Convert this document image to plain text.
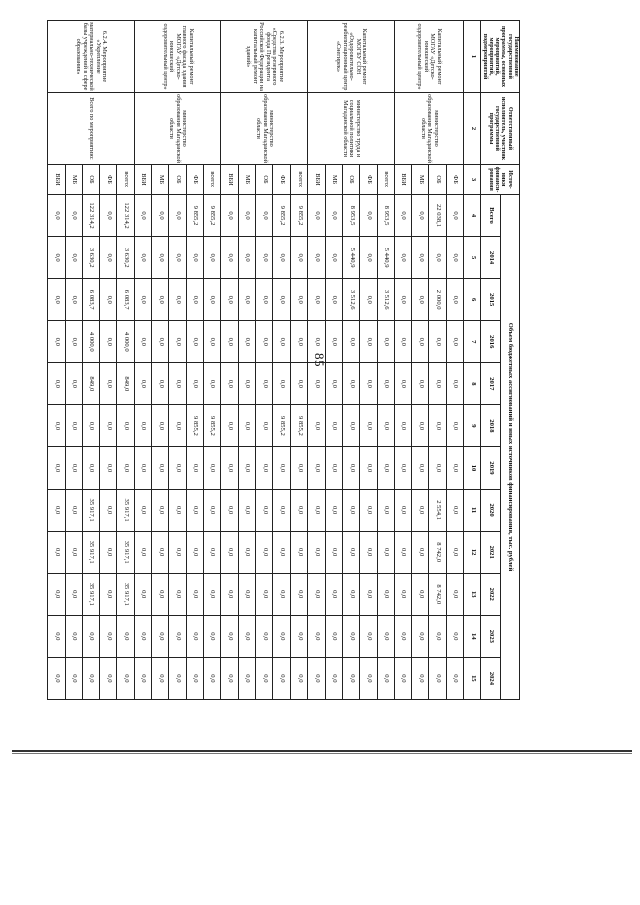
85
Наименование государственной программы, основных мероприятий, мероприятий, подмероприятий	Ответственный исполнитель, участник государственной программы	Источ-ники финанси-рования	Объем бюджетных ассигнований и иных источников финансирования, тыс. рублей											
			Всего	2014	2015	2016	2017	2018	2019	2020	2021	2022	2023	2024
1	2	3	4	5	6	7	8	9	10	11	12	13	14	15
Капитальный ремонт МОГАУ «Детско-юношеский оздоровительный центр»	министерство образования Магаданской области	ФБ	0,0	0,0	0,0	0,0	0,0	0,0	0,0	0,0	0,0	0,0	0,0	0,0
		ОБ	22 038,1	0,0	2 000,0	0,0	0,0	0,0	0,0	2 554,1	8 742,0	8 742,0	0,0	0,0
		МБ	0,0	0,0	0,0	0,0	0,0	0,0	0,0	0,0	0,0	0,0	0,0	0,0
		ВБИ	0,0	0,0	0,0	0,0	0,0	0,0	0,0	0,0	0,0	0,0	0,0	0,0
Капитальный ремонт МОГБУ СОН «Оздоровительно-реабилитационный центр «Снегирек»	министерство труда и социальной политики Магаданской области	всего:	8 953,5	5 440,9	3 512,6	0,0	0,0	0,0	0,0	0,0	0,0	0,0	0,0	0,0
		ФБ	0,0	0,0	0,0	0,0	0,0	0,0	0,0	0,0	0,0	0,0	0,0	0,0
		ОБ	8 953,5	5 440,9	3 512,6	0,0	0,0	0,0	0,0	0,0	0,0	0,0	0,0	0,0
		МБ	0,0	0,0	0,0	0,0	0,0	0,0	0,0	0,0	0,0	0,0	0,0	0,0
		ВБИ	0,0	0,0	0,0	0,0	0,0	0,0	0,0	0,0	0,0	0,0	0,0	0,0
6.2.3. Мероприятие «Средства резервного фонда Президента Российской Федерации на капитальный ремонт зданий»	министерство образования Магаданской области	всего:	9 855,2	0,0	0,0	0,0	0,0	9 855,2	0,0	0,0	0,0	0,0	0,0	0,0
		ФБ	9 855,2	0,0	0,0	0,0	0,0	9 855,2	0,0	0,0	0,0	0,0	0,0	0,0
		ОБ	0,0	0,0	0,0	0,0	0,0	0,0	0,0	0,0	0,0	0,0	0,0	0,0
		МБ	0,0	0,0	0,0	0,0	0,0	0,0	0,0	0,0	0,0	0,0	0,0	0,0
		ВБИ	0,0	0,0	0,0	0,0	0,0	0,0	0,0	0,0	0,0	0,0	0,0	0,0
Капитальный ремонт главного фасада здания МОГАУ «Детско-юношеский оздоровительный центр»	министерство образования Магаданской области	всего:	9 855,2	0,0	0,0	0,0	0,0	9 855,2	0,0	0,0	0,0	0,0	0,0	0,0
		ФБ	9 855,2	0,0	0,0	0,0	0,0	9 855,2	0,0	0,0	0,0	0,0	0,0	0,0
		ОБ	0,0	0,0	0,0	0,0	0,0	0,0	0,0	0,0	0,0	0,0	0,0	0,0
		МБ	0,0	0,0	0,0	0,0	0,0	0,0	0,0	0,0	0,0	0,0	0,0	0,0
		ВБИ	0,0	0,0	0,0	0,0	0,0	0,0	0,0	0,0	0,0	0,0	0,0	0,0
6.2.4. Мероприятие «Укрепление материально-технической базы учреждений в сфере образования»	Всего по мероприятию:	всего:	122 314,2	3 630,2	6 083,7	4 000,0	849,0	0,0	0,0	35 917,1	35 917,1	35 917,1	0,0	0,0
		ФБ	0,0	0,0	0,0	0,0	0,0	0,0	0,0	0,0	0,0	0,0	0,0	0,0
		ОБ	122 314,2	3 630,2	6 083,7	4 000,0	849,0	0,0	0,0	35 917,1	35 917,1	35 917,1	0,0	0,0
		МБ	0,0	0,0	0,0	0,0	0,0	0,0	0,0	0,0	0,0	0,0	0,0	0,0
		ВБИ	0,0	0,0	0,0	0,0	0,0	0,0	0,0	0,0	0,0	0,0	0,0	0,0
